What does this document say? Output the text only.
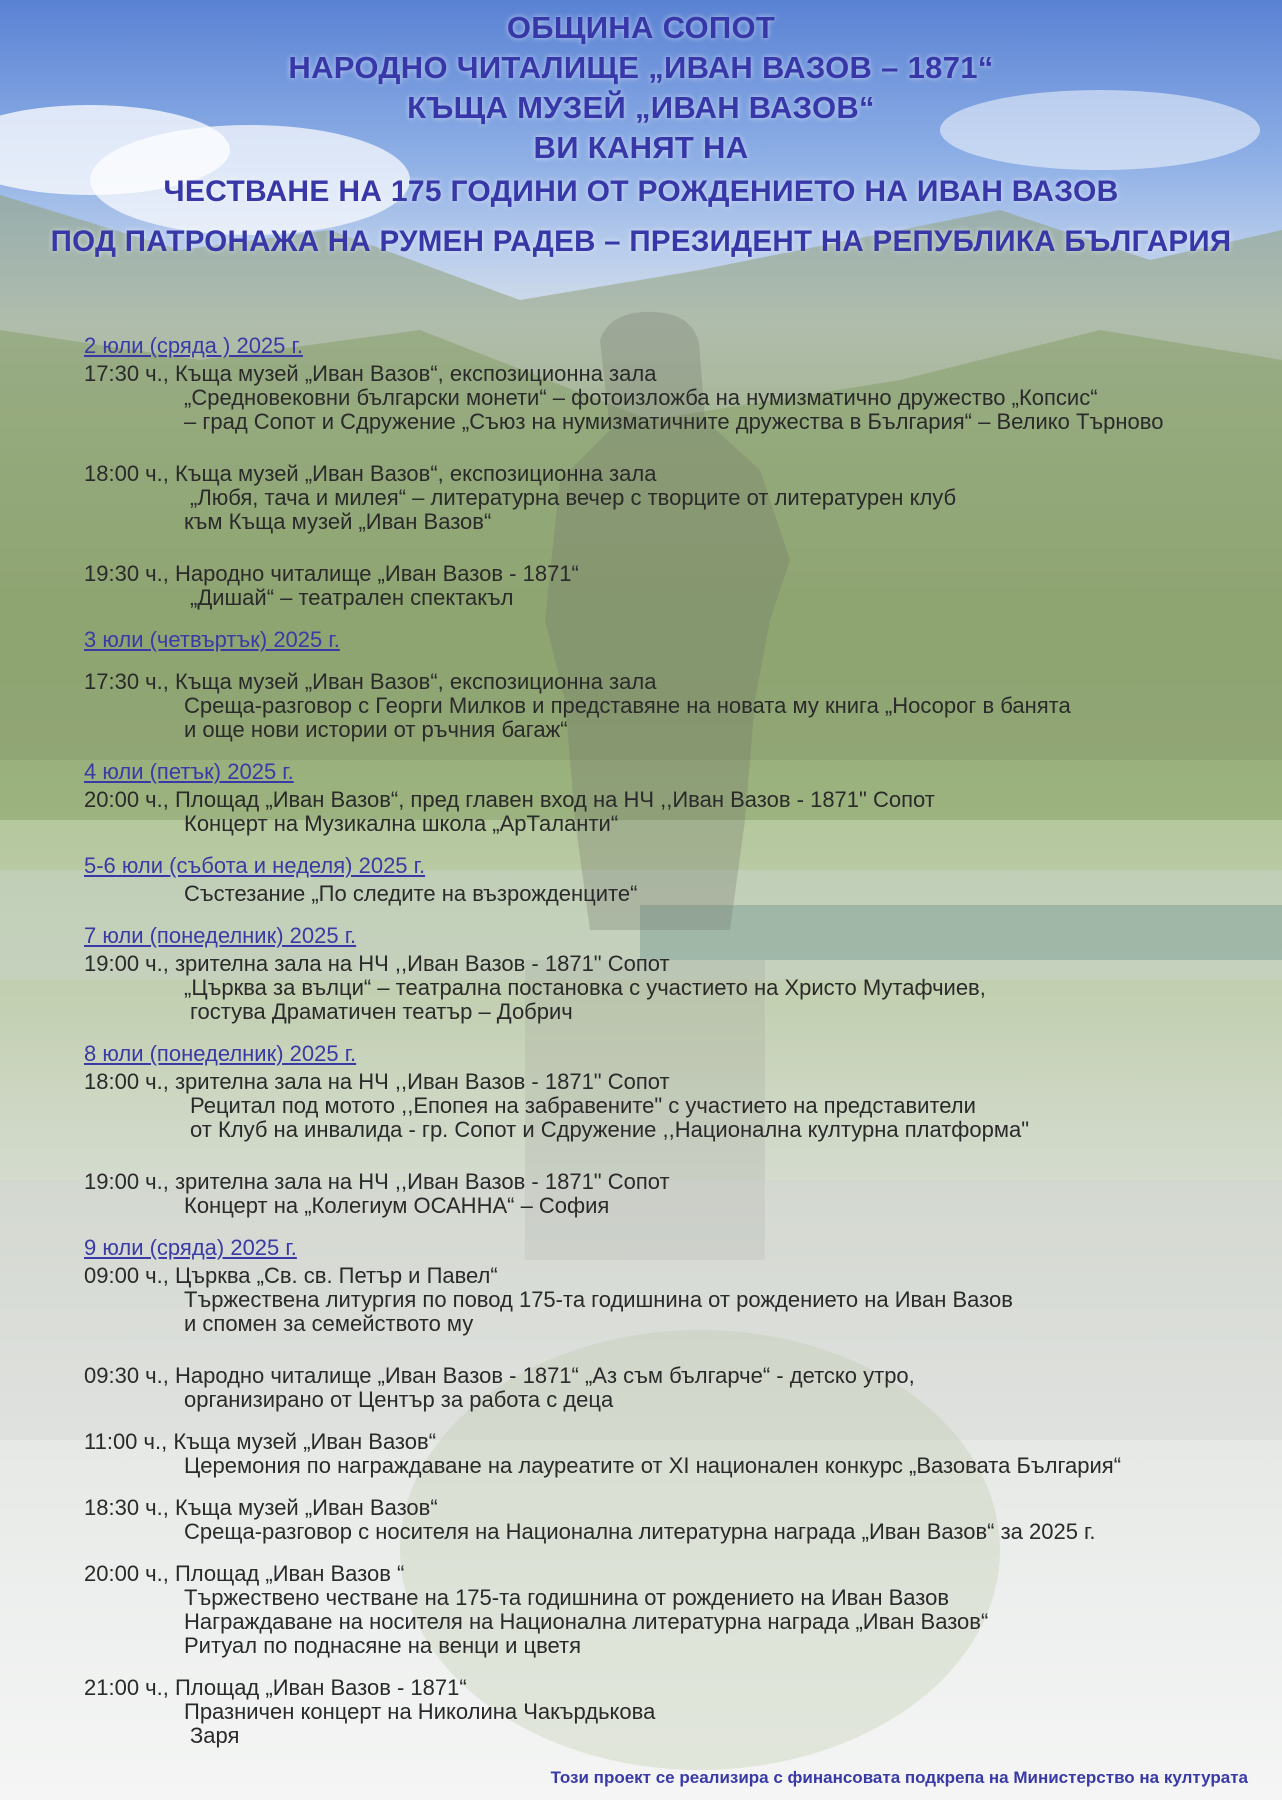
ОБЩИНА СОПОТ
НАРОДНО ЧИТАЛИЩЕ „ИВАН ВАЗОВ – 1871“
КЪЩА МУЗЕЙ „ИВАН ВАЗОВ“
ВИ КАНЯТ НА
ЧЕСТВАНЕ НА 175 ГОДИНИ ОТ РОЖДЕНИЕТО НА ИВАН ВАЗОВ
ПОД ПАТРОНАЖА НА РУМЕН РАДЕВ – ПРЕЗИДЕНТ НА РЕПУБЛИКА БЪЛГАРИЯ
2 юли (сряда ) 2025 г.
17:30 ч., Къща музей „Иван Вазов“, експозиционна зала
„Средновековни български монети“ – фотоизложба на нумизматично дружество „Копсис“
– град Сопот и Сдружение „Съюз на нумизматичните дружества в България“ – Велико Търново
18:00 ч., Къща музей „Иван Вазов“, експозиционна зала
„Любя, тача и милея“ – литературна вечер с творците от литературен клуб
към Къща музей „Иван Вазов“
19:30 ч., Народно читалище „Иван Вазов - 1871“
„Дишай“ – театрален спектакъл
3 юли (четвъртък) 2025 г.
17:30 ч., Къща музей „Иван Вазов“, експозиционна зала
Среща-разговор с Георги Милков и представяне на новата му книга „Носорог в банята
и още нови истории от ръчния багаж“
4 юли (петък) 2025 г.
20:00 ч., Площад „Иван Вазов“, пред главен вход на НЧ ,,Иван Вазов - 1871" Сопот
Концерт на Музикална школа „АрТаланти“
5-6 юли (събота и неделя) 2025 г.
Състезание „По следите на възрожденците“
7 юли (понеделник) 2025 г.
19:00 ч., зрителна зала на НЧ ,,Иван Вазов - 1871" Сопот
„Църква за вълци“ – театрална постановка с участието на Христо Мутафчиев,
гостува Драматичен театър – Добрич
8 юли (понеделник) 2025 г.
18:00 ч., зрителна зала на НЧ ,,Иван Вазов - 1871" Сопот
Рецитал под мотото ,,Епопея на забравените" с участието на представители
от Клуб на инвалида - гр. Сопот и Сдружение ,,Национална културна платформа"
19:00 ч., зрителна зала на НЧ ,,Иван Вазов - 1871" Сопот
Концерт на „Колегиум ОСАННА“ – София
9 юли (сряда) 2025 г.
09:00 ч., Църква „Св. св. Петър и Павел“
Тържествена литургия по повод 175-та годишнина от рождението на Иван Вазов
и спомен за семейството му
09:30 ч., Народно читалище „Иван Вазов - 1871“ „Аз съм българче“ - детско утро,
организирано от Център за работа с деца
11:00 ч., Къща музей „Иван Вазов“
Церемония по награждаване на лауреатите от XI национален конкурс „Вазовата България“
18:30 ч., Къща музей „Иван Вазов“
Среща-разговор с носителя на Национална литературна награда „Иван Вазов“ за 2025 г.
20:00 ч., Площад „Иван Вазов “
Тържествено честване на 175-та годишнина от рождението на Иван Вазов
Награждаване на носителя на Национална литературна награда „Иван Вазов“
Ритуал по поднасяне на венци и цветя
21:00 ч., Площад „Иван Вазов - 1871“
Празничен концерт на Николина Чакърдькова
Заря
Този проект се реализира с финансовата подкрепа на Министерство на културата
